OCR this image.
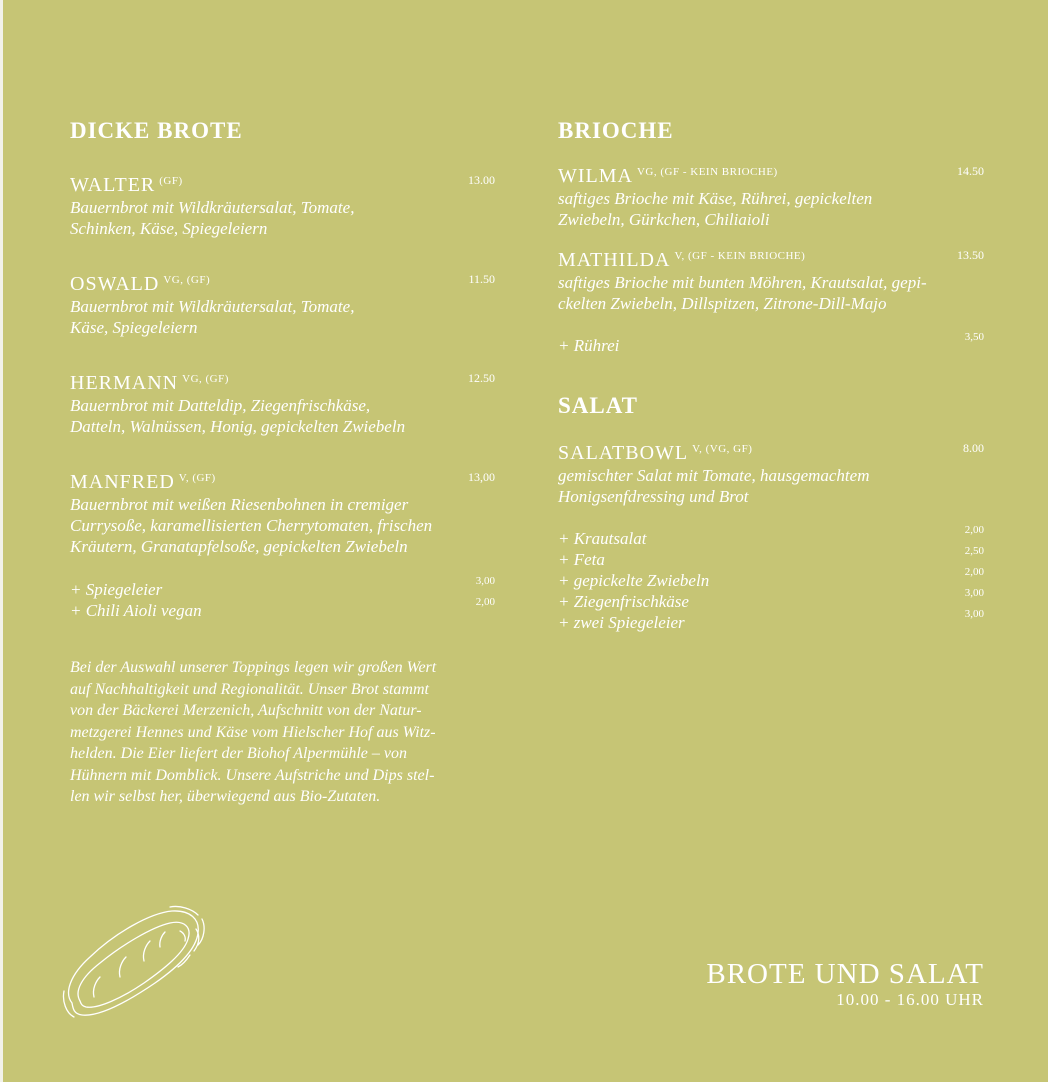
DICKE BROTE
WALTER $^{(GF)}$	13.00

Bauernbrot mit Wildkräutersalat, Tomate,
Schinken, Käse, Spiegeleiern

OSWALD $^{VG, (GF)}$	11.50

Bauernbrot mit Wildkräutersalat, Tomate,
Käse, Spiegeleiern

HERMANN $^{VG, (GF)}$	12.50

Bauernbrot mit Datteldip, Ziegenfrischkäse,
Datteln, Walnüssen, Honig, gepickelten Zwiebeln

MANFRED $^{V, (GF)}$	13,00

Bauernbrot mit weißen Riesenbohnen in cremiger
Currysoße, karamellisierten Cherrytomaten, frischen
Kräutern, Granatapfelsoße, gepickelten Zwiebeln

+ Spiegeleier	3,00
+ Chili Aioli vegan	2,00

Bei der Auswahl unserer Toppings legen wir großen Wert
auf Nachhaltigkeit und Regionalität. Unser Brot stammt
von der Bäckerei Merzenich, Aufschnitt von der Natur-
metzgerei Hennes und Käse vom Hielscher Hof aus Witz-
helden. Die Eier liefert der Biohof Alpermühle – von
Hühnern mit Domblick. Unsere Aufstriche und Dips stel-
len wir selbst her, überwiegend aus Bio-Zutaten.

BRIOCHE
WILMA $^{VG, (GF - KEIN BRIOCHE)}$	14.50

saftiges Brioche mit Käse, Rührei, gepickelten
Zwiebeln, Gürkchen, Chiliaioli

MATHILDA $^{V, (GF - KEIN BRIOCHE)}$	13.50

saftiges Brioche mit bunten Möhren, Krautsalat, gepi-
ckelten Zwiebeln, Dillspitzen, Zitrone-Dill-Majo

+ Rührei	3,50
SALAT
SALATBOWL $^{V, (VG, GF)}$	8.00

gemischter Salat mit Tomate, hausgemachtem
Honigsenfdressing und Brot

+ Krautsalat	2,00
+ Feta	2,50
+ gepickelte Zwiebeln	2,00
+ Ziegenfrischkäse	3,00
+ zwei Spiegeleier	3,00
BROTE UND SALAT
10.00 - 16.00 UHR
